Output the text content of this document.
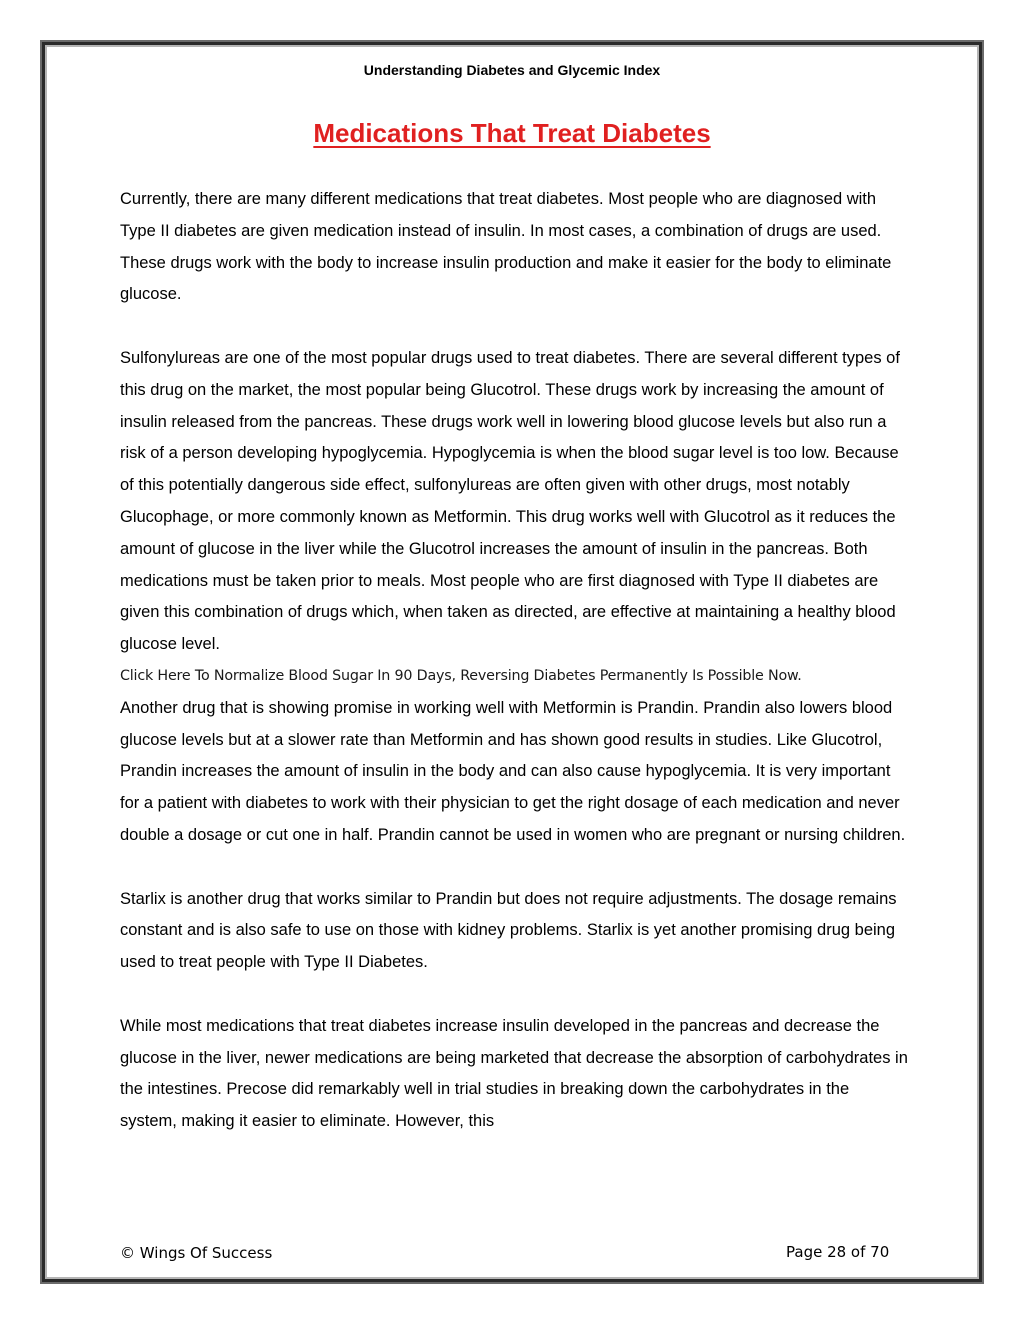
Understanding Diabetes and Glycemic Index
Medications That Treat Diabetes

Currently, there are many different medications that treat diabetes. Most people who are diagnosed with Type II diabetes are given medication instead of insulin. In most cases, a combination of drugs are used. These drugs work with the body to increase insulin production and make it easier for the body to eliminate glucose.

Sulfonylureas are one of the most popular drugs used to treat diabetes. There are several different types of this drug on the market, the most popular being Glucotrol. These drugs work by increasing the amount of insulin released from the pancreas. These drugs work well in lowering blood glucose levels but also run a risk of a person developing hypoglycemia. Hypoglycemia is when the blood sugar level is too low. Because of this potentially dangerous side effect, sulfonylureas are often given with other drugs, most notably Glucophage, or more commonly known as Metformin. This drug works well with Glucotrol as it reduces the amount of glucose in the liver while the Glucotrol increases the amount of insulin in the pancreas. Both medications must be taken prior to meals. Most people who are first diagnosed with Type II diabetes are given this combination of drugs which, when taken as directed, are effective at maintaining a healthy blood glucose level.

Click Here To Normalize Blood Sugar In 90 Days, Reversing Diabetes Permanently Is Possible Now.

Another drug that is showing promise in working well with Metformin is Prandin. Prandin also lowers blood glucose levels but at a slower rate than Metformin and has shown good results in studies. Like Glucotrol, Prandin increases the amount of insulin in the body and can also cause hypoglycemia. It is very important for a patient with diabetes to work with their physician to get the right dosage of each medication and never double a dosage or cut one in half. Prandin cannot be used in women who are pregnant or nursing children.

Starlix is another drug that works similar to Prandin but does not require adjustments. The dosage remains constant and is also safe to use on those with kidney problems. Starlix is yet another promising drug being used to treat people with Type II Diabetes.

While most medications that treat diabetes increase insulin developed in the pancreas and decrease the glucose in the liver, newer medications are being marketed that decrease the absorption of carbohydrates in the intestines. Precose did remarkably well in trial studies in breaking down the carbohydrates in the system, making it easier to eliminate. However, this

© Wings Of Success	Page 28 of 70
